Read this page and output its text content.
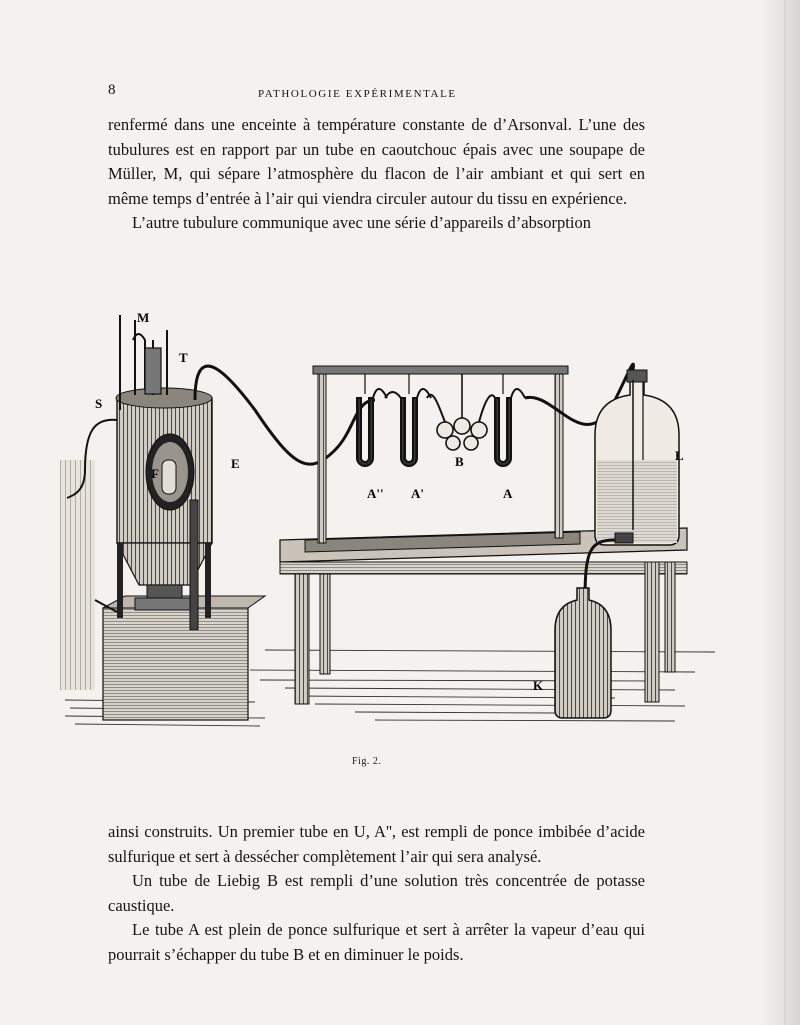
8	PATHOLOGIE EXPÉRIMENTALE

renfermé dans une enceinte à température constante de d’Arsonval. L’une des tubulures est en rapport par un tube en caoutchouc épais avec une soupape de Müller, M, qui sépare l’atmosphère du flacon de l’air ambiant et qui sert en même temps d’entrée à l’air qui viendra circuler autour du tissu en expérience.

L’autre tubulure communique avec une série d’appareils d’absorption

M
T
S
F
E	B
A'' A'	A
L
K
Fig. 2.

ainsi construits. Un premier tube en U, A'', est rempli de ponce imbibée d’acide sulfurique et sert à dessécher complètement l’air qui sera analysé.

Un tube de Liebig B est rempli d’une solution très concentrée de potasse caustique.

Le tube A est plein de ponce sulfurique et sert à arrêter la vapeur d’eau qui pourrait s’échapper du tube B et en diminuer le poids.
